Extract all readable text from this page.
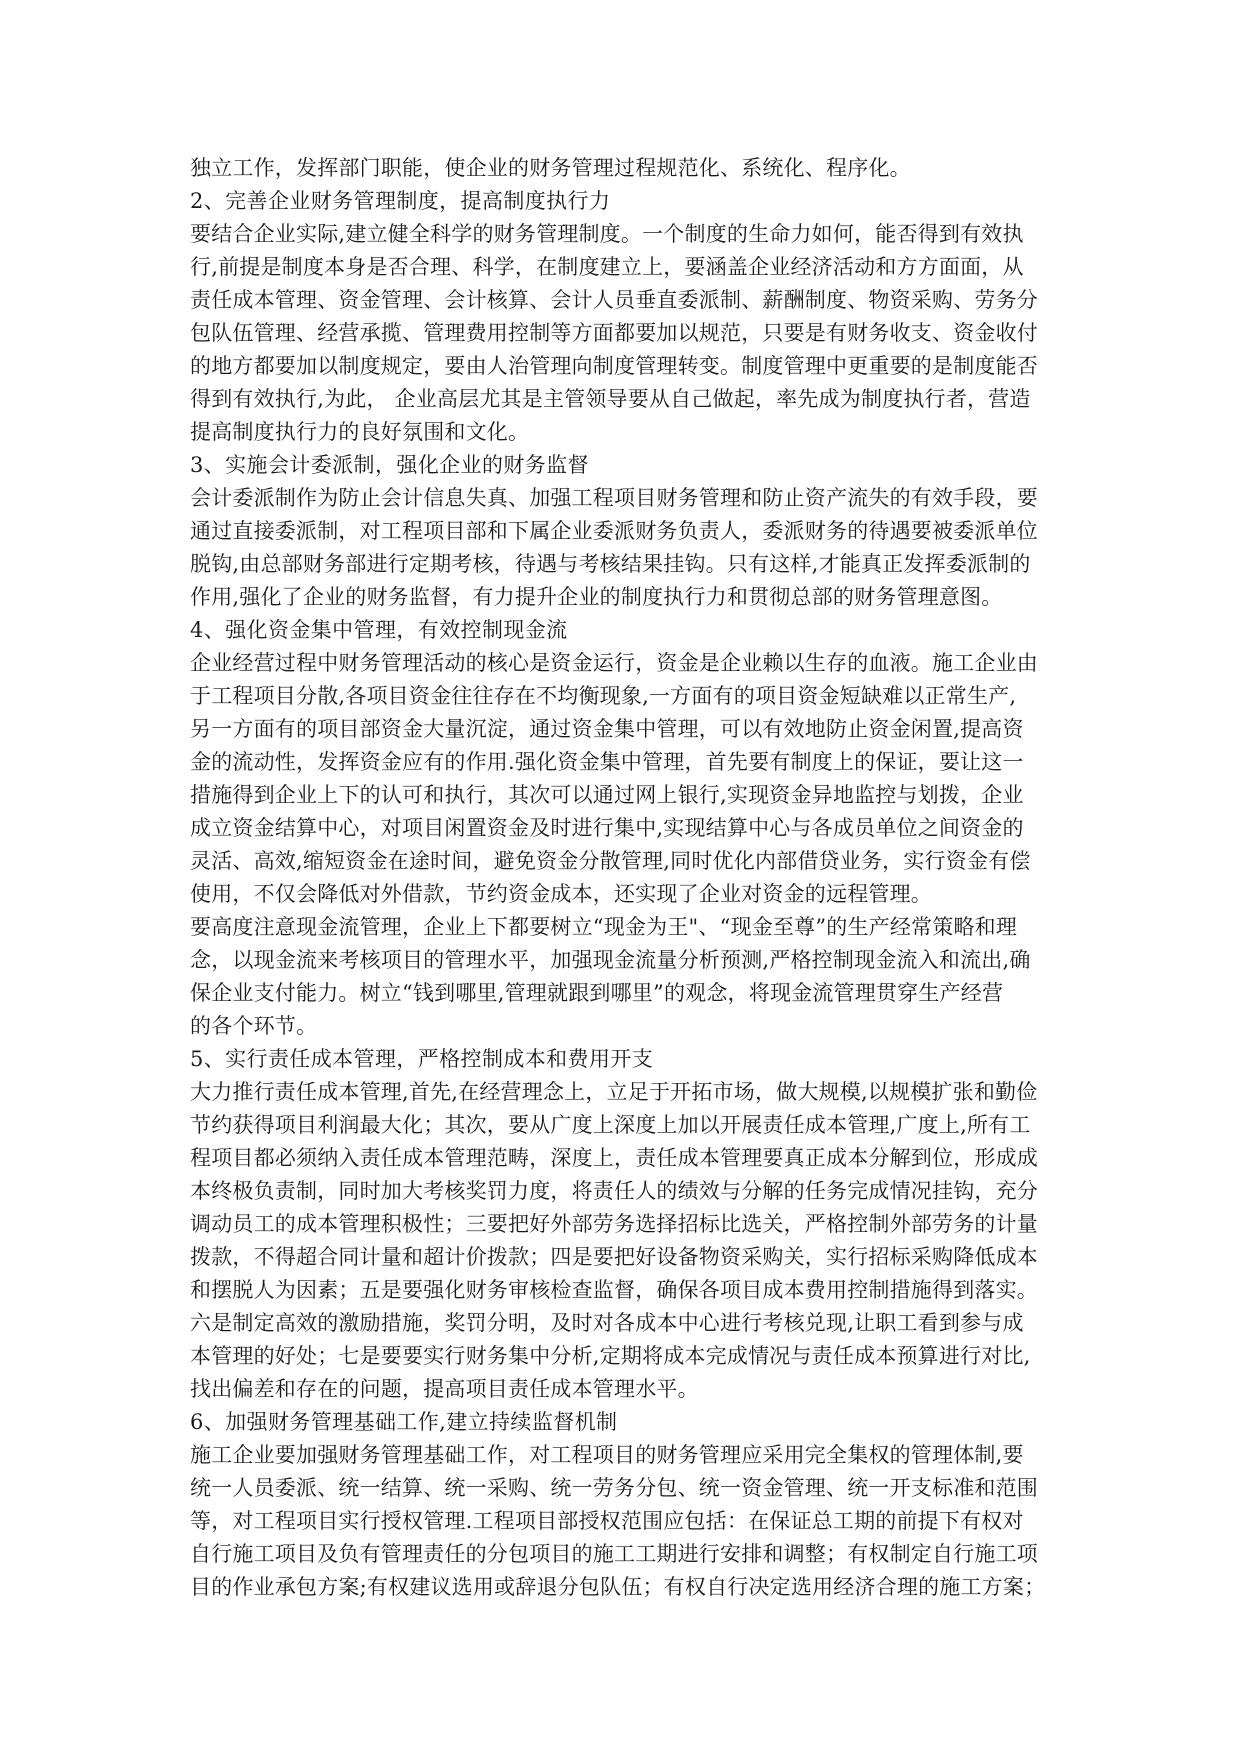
独立工作，发挥部门职能，使企业的财务管理过程规范化、系统化、程序化。
2、完善企业财务管理制度，提高制度执行力
要结合企业实际,建立健全科学的财务管理制度。一个制度的生命力如何，能否得到有效执
行,前提是制度本身是否合理、科学，在制度建立上，要涵盖企业经济活动和方方面面，从
责任成本管理、资金管理、会计核算、会计人员垂直委派制、薪酬制度、物资采购、劳务分
包队伍管理、经营承揽、管理费用控制等方面都要加以规范，只要是有财务收支、资金收付
的地方都要加以制度规定，要由人治管理向制度管理转变。制度管理中更重要的是制度能否
得到有效执行,为此， 企业高层尤其是主管领导要从自己做起，率先成为制度执行者，营造
提高制度执行力的良好氛围和文化。
3、实施会计委派制，强化企业的财务监督
会计委派制作为防止会计信息失真、加强工程项目财务管理和防止资产流失的有效手段，要
通过直接委派制，对工程项目部和下属企业委派财务负责人，委派财务的待遇要被委派单位
脱钩,由总部财务部进行定期考核，待遇与考核结果挂钩。只有这样,才能真正发挥委派制的
作用,强化了企业的财务监督，有力提升企业的制度执行力和贯彻总部的财务管理意图。
4、强化资金集中管理，有效控制现金流
企业经营过程中财务管理活动的核心是资金运行，资金是企业赖以生存的血液。施工企业由
于工程项目分散,各项目资金往往存在不均衡现象,一方面有的项目资金短缺难以正常生产,
另一方面有的项目部资金大量沉淀，通过资金集中管理，可以有效地防止资金闲置,提高资
金的流动性，发挥资金应有的作用.强化资金集中管理，首先要有制度上的保证，要让这一
措施得到企业上下的认可和执行，其次可以通过网上银行,实现资金异地监控与划拨，企业
成立资金结算中心，对项目闲置资金及时进行集中,实现结算中心与各成员单位之间资金的
灵活、高效,缩短资金在途时间，避免资金分散管理,同时优化内部借贷业务，实行资金有偿
使用，不仅会降低对外借款，节约资金成本，还实现了企业对资金的远程管理。
要高度注意现金流管理，企业上下都要树立“现金为王"、“现金至尊”的生产经常策略和理
念，以现金流来考核项目的管理水平，加强现金流量分析预测,严格控制现金流入和流出,确
保企业支付能力。树立“钱到哪里,管理就跟到哪里”的观念，将现金流管理贯穿生产经营
的各个环节。
5、实行责任成本管理，严格控制成本和费用开支
大力推行责任成本管理,首先,在经营理念上，立足于开拓市场，做大规模,以规模扩张和勤俭
节约获得项目利润最大化；其次，要从广度上深度上加以开展责任成本管理,广度上,所有工
程项目都必须纳入责任成本管理范畴，深度上，责任成本管理要真正成本分解到位，形成成
本终极负责制，同时加大考核奖罚力度，将责任人的绩效与分解的任务完成情况挂钩，充分
调动员工的成本管理积极性；三要把好外部劳务选择招标比选关，严格控制外部劳务的计量
拨款，不得超合同计量和超计价拨款；四是要把好设备物资采购关，实行招标采购降低成本
和摆脱人为因素；五是要强化财务审核检查监督，确保各项目成本费用控制措施得到落实。
六是制定高效的激励措施，奖罚分明，及时对各成本中心进行考核兑现,让职工看到参与成
本管理的好处；七是要要实行财务集中分析,定期将成本完成情况与责任成本预算进行对比,
找出偏差和存在的问题，提高项目责任成本管理水平。
6、加强财务管理基础工作,建立持续监督机制
施工企业要加强财务管理基础工作，对工程项目的财务管理应采用完全集权的管理体制,要
统一人员委派、统一结算、统一采购、统一劳务分包、统一资金管理、统一开支标准和范围
等，对工程项目实行授权管理.工程项目部授权范围应包括：在保证总工期的前提下有权对
自行施工项目及负有管理责任的分包项目的施工工期进行安排和调整；有权制定自行施工项
目的作业承包方案;有权建议选用或辞退分包队伍；有权自行决定选用经济合理的施工方案；
